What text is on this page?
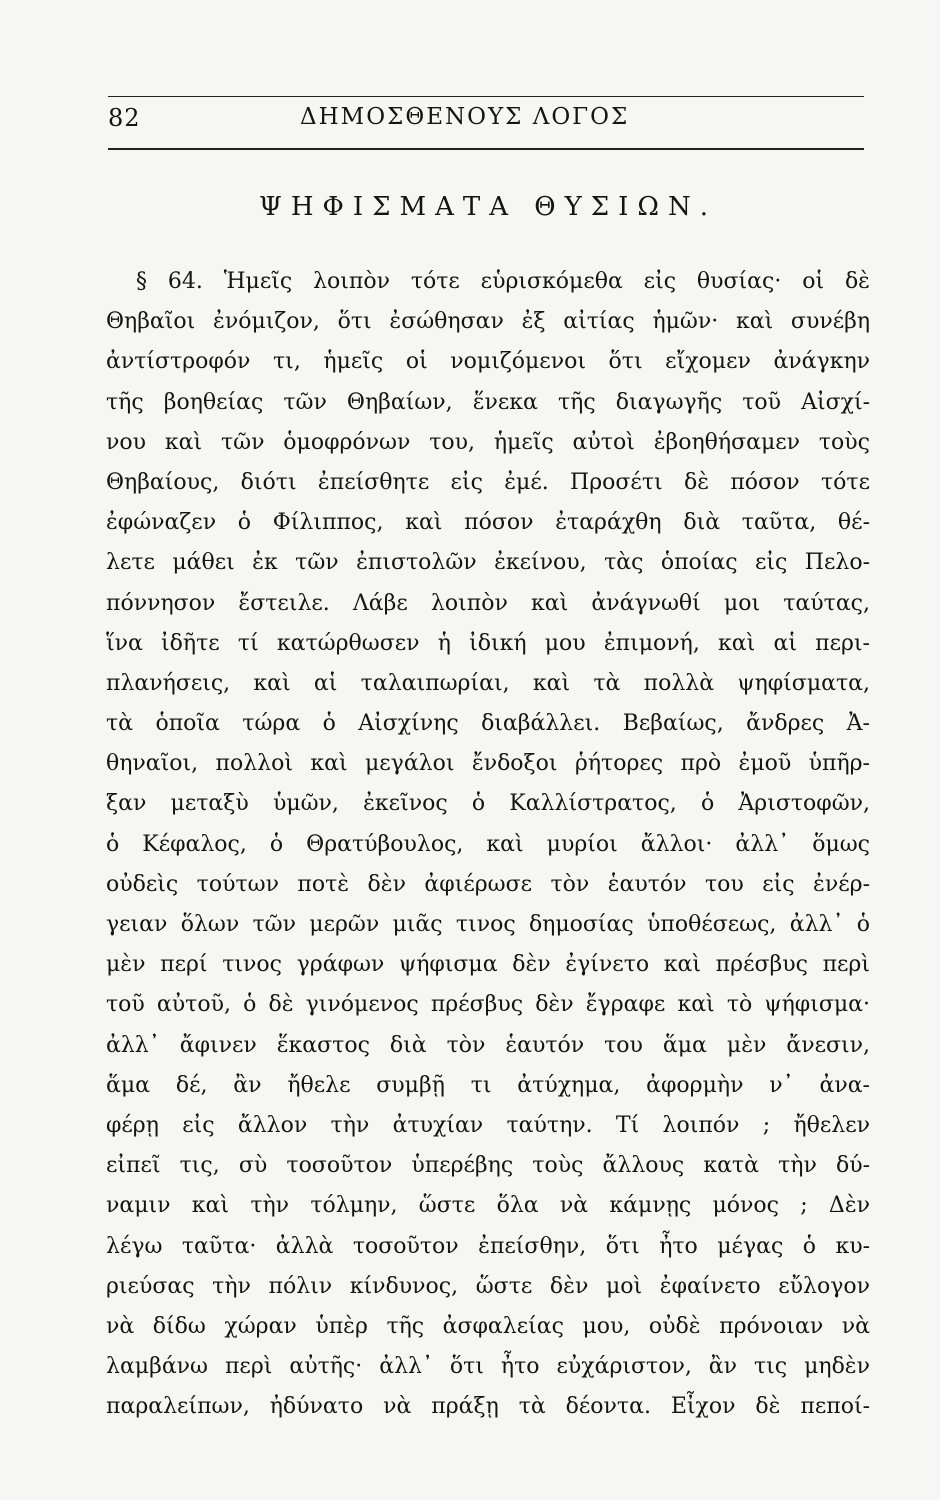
82	ΔΗΜΟΣΘΕΝΟΥΣ ΛΟΓΟΣ
ΨΗΦΙΣΜΑΤΑ ΘΥΣΙΩΝ.
§ 64. Ἡμεῖς λοιπὸν τότε εὑρισκόμεθα εἰς θυσίας· οἱ δὲ
Θηβαῖοι ἐνόμιζον, ὅτι ἐσώθησαν ἐξ αἰτίας ἡμῶν· καὶ συνέβη
ἀντίστροφόν τι, ἡμεῖς οἱ νομιζόμενοι ὅτι εἴχομεν ἀνάγκην
τῆς βοηθείας τῶν Θηβαίων, ἕνεκα τῆς διαγωγῆς τοῦ Αἰσχί-
νου καὶ τῶν ὁμοφρόνων του, ἡμεῖς αὐτοὶ ἐβοηθήσαμεν τοὺς
Θηβαίους, διότι ἐπείσθητε εἰς ἐμέ. Προσέτι δὲ πόσον τότε
ἐφώναζεν ὁ Φίλιππος, καὶ πόσον ἐταράχθη διὰ ταῦτα, θέ-
λετε μάθει ἐκ τῶν ἐπιστολῶν ἐκείνου, τὰς ὁποίας εἰς Πελο-
πόννησον ἔστειλε. Λάβε λοιπὸν καὶ ἀνάγνωθί μοι ταύτας,
ἵνα ἰδῆτε τί κατώρθωσεν ἡ ἰδική μου ἐπιμονή, καὶ αἱ περι-
πλανήσεις, καὶ αἱ ταλαιπωρίαι, καὶ τὰ πολλὰ ψηφίσματα,
τὰ ὁποῖα τώρα ὁ Αἰσχίνης διαβάλλει. Βεβαίως, ἄνδρες Ἀ-
θηναῖοι, πολλοὶ καὶ μεγάλοι ἔνδοξοι ῥήτορες πρὸ ἐμοῦ ὑπῆρ-
ξαν μεταξὺ ὑμῶν, ἐκεῖνος ὁ Καλλίστρατος, ὁ Ἀριστοφῶν,
ὁ Κέφαλος, ὁ Θρατύβουλος, καὶ μυρίοι ἄλλοι· ἀλλ᾽ ὅμως
οὐδεὶς τούτων ποτὲ δὲν ἀφιέρωσε τὸν ἑαυτόν του εἰς ἐνέρ-
γειαν ὅλων τῶν μερῶν μιᾶς τινος δημοσίας ὑποθέσεως, ἀλλ᾽ ὁ
μὲν περί τινος γράφων ψήφισμα δὲν ἐγίνετο καὶ πρέσβυς περὶ
τοῦ αὐτοῦ, ὁ δὲ γινόμενος πρέσβυς δὲν ἔγραφε καὶ τὸ ψήφισμα·
ἀλλ᾽ ἄφινεν ἕκαστος διὰ τὸν ἑαυτόν του ἅμα μὲν ἄνεσιν,
ἅμα δέ, ἂν ἤθελε συμβῇ τι ἀτύχημα, ἀφορμὴν ν᾽ ἀνα-
φέρῃ εἰς ἄλλον τὴν ἀτυχίαν ταύτην. Τί λοιπόν ; ἤθελεν
εἰπεῖ τις, σὺ τοσοῦτον ὑπερέβης τοὺς ἄλλους κατὰ τὴν δύ-
ναμιν καὶ τὴν τόλμην, ὥστε ὅλα νὰ κάμνῃς μόνος ; Δὲν
λέγω ταῦτα· ἀλλὰ τοσοῦτον ἐπείσθην, ὅτι ἦτο μέγας ὁ κυ-
ριεύσας τὴν πόλιν κίνδυνος, ὥστε δὲν μοὶ ἐφαίνετο εὔλογον
νὰ δίδω χώραν ὑπὲρ τῆς ἀσφαλείας μου, οὐδὲ πρόνοιαν νὰ
λαμβάνω περὶ αὐτῆς· ἀλλ᾽ ὅτι ἦτο εὐχάριστον, ἂν τις μηδὲν
παραλείπων, ἠδύνατο νὰ πράξῃ τὰ δέοντα. Εἶχον δὲ πεποί-
